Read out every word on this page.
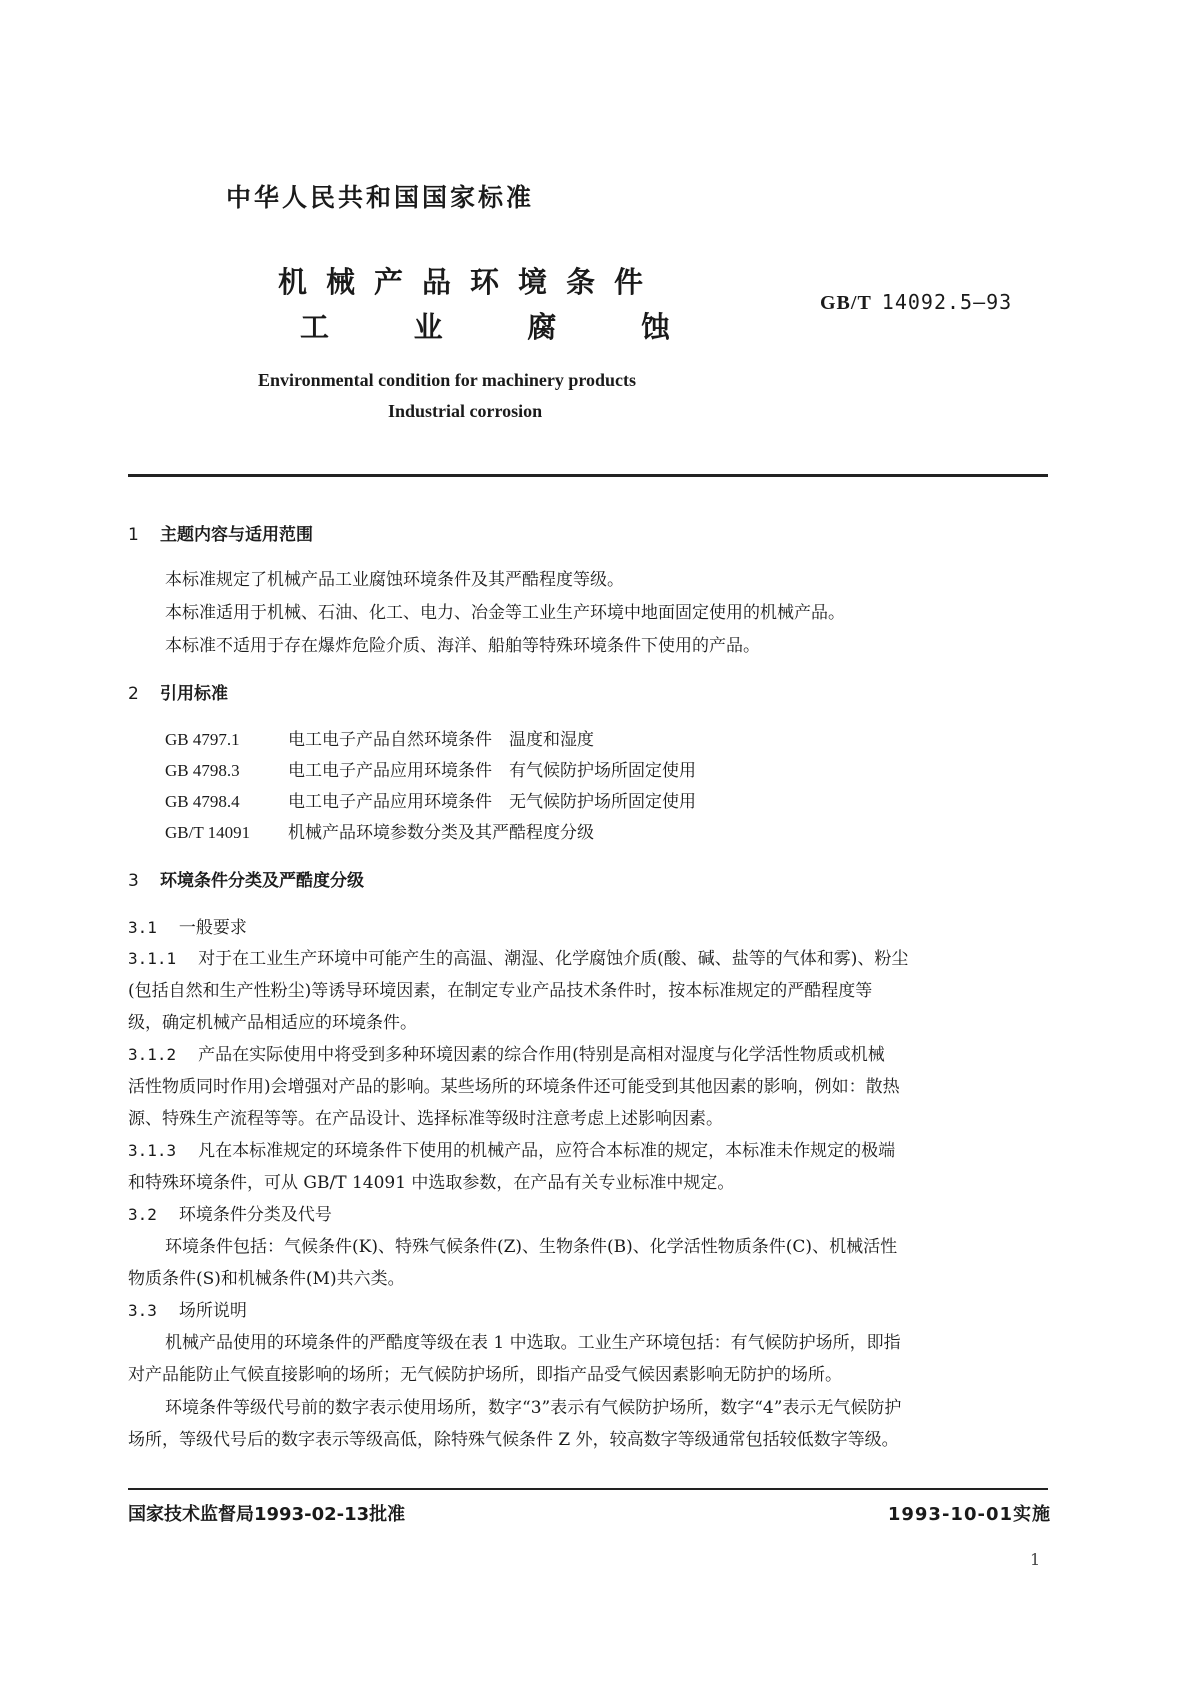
中华人民共和国国家标准
机械产品环境条件
工	业	腐	蚀
GB/T 14092.5—93
Environmental condition for machinery products
Industrial corrosion
1 主题内容与适用范围
本标准规定了机械产品工业腐蚀环境条件及其严酷程度等级。
本标准适用于机械、石油、化工、电力、冶金等工业生产环境中地面固定使用的机械产品。
本标准不适用于存在爆炸危险介质、海洋、船舶等特殊环境条件下使用的产品。
2 引用标准
GB 4797.1	电工电子产品自然环境条件　温度和湿度
GB 4798.3	电工电子产品应用环境条件　有气候防护场所固定使用
GB 4798.4	电工电子产品应用环境条件　无气候防护场所固定使用
GB/T 14091 机械产品环境参数分类及其严酷程度分级
3 环境条件分类及严酷度分级
3.1 一般要求
3.1.1 对于在工业生产环境中可能产生的高温、潮湿、化学腐蚀介质(酸、碱、盐等的气体和雾)、粉尘
(包括自然和生产性粉尘)等诱导环境因素，在制定专业产品技术条件时，按本标准规定的严酷程度等
级，确定机械产品相适应的环境条件。
3.1.2 产品在实际使用中将受到多种环境因素的综合作用(特别是高相对湿度与化学活性物质或机械
活性物质同时作用)会增强对产品的影响。某些场所的环境条件还可能受到其他因素的影响，例如：散热
源、特殊生产流程等等。在产品设计、选择标准等级时注意考虑上述影响因素。
3.1.3 凡在本标准规定的环境条件下使用的机械产品，应符合本标准的规定，本标准未作规定的极端
和特殊环境条件，可从 GB/T 14091 中选取参数，在产品有关专业标准中规定。
3.2 环境条件分类及代号
环境条件包括：气候条件(K)、特殊气候条件(Z)、生物条件(B)、化学活性物质条件(C)、机械活性
物质条件(S)和机械条件(M)共六类。
3.3 场所说明
机械产品使用的环境条件的严酷度等级在表 1 中选取。工业生产环境包括：有气候防护场所，即指
对产品能防止气候直接影响的场所；无气候防护场所，即指产品受气候因素影响无防护的场所。
环境条件等级代号前的数字表示使用场所，数字“3”表示有气候防护场所，数字“4”表示无气候防护
场所，等级代号后的数字表示等级高低，除特殊气候条件 Z 外，较高数字等级通常包括较低数字等级。
国家技术监督局1993-02-13批准	1993-10-01实施
1
